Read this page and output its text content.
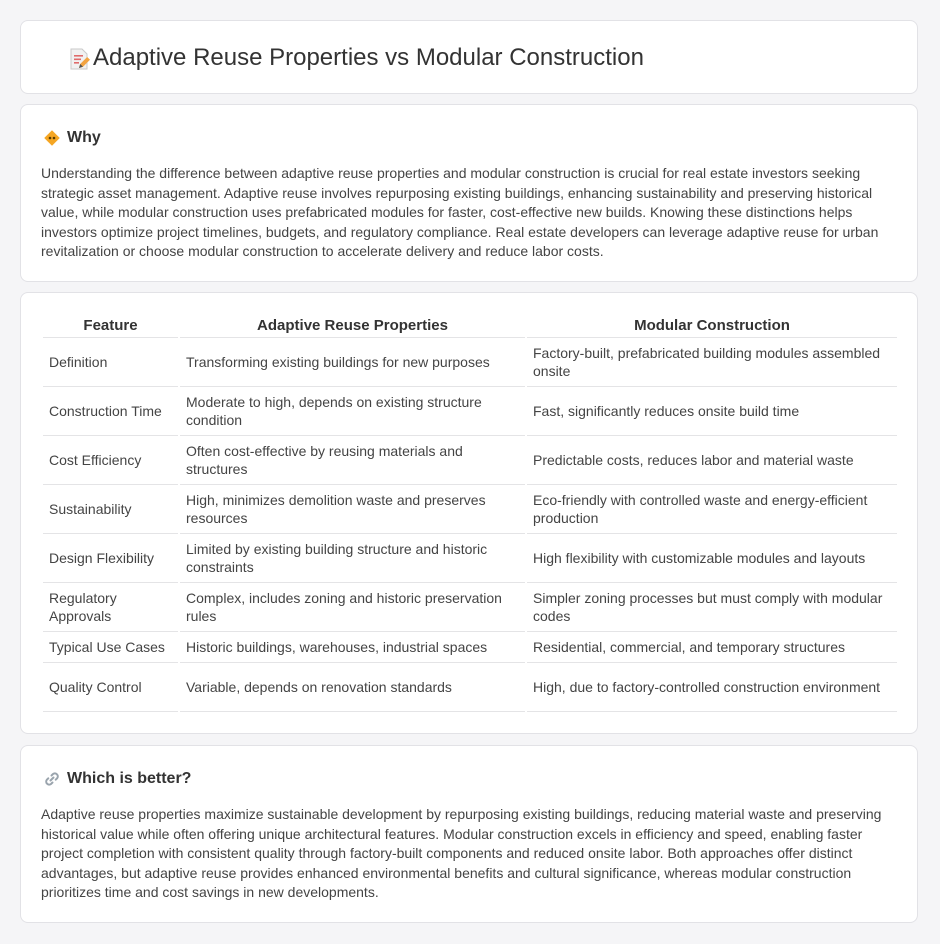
Adaptive Reuse Properties vs Modular Construction
Why

Understanding the difference between adaptive reuse properties and modular construction is crucial for real estate investors seeking strategic asset management. Adaptive reuse involves repurposing existing buildings, enhancing sustainability and preserving historical value, while modular construction uses prefabricated modules for faster, cost-effective new builds. Knowing these distinctions helps investors optimize project timelines, budgets, and regulatory compliance. Real estate developers can leverage adaptive reuse for urban revitalization or choose modular construction to accelerate delivery and reduce labor costs.

Feature	Adaptive Reuse Properties	Modular Construction
Definition	Transforming existing buildings for new purposes	Factory-built, prefabricated building modules assembled onsite
Construction Time	Moderate to high, depends on existing structure condition	Fast, significantly reduces onsite build time
Cost Efficiency	Often cost-effective by reusing materials and structures	Predictable costs, reduces labor and material waste
Sustainability	High, minimizes demolition waste and preserves resources	Eco-friendly with controlled waste and energy-efficient production
Design Flexibility	Limited by existing building structure and historic constraints	High flexibility with customizable modules and layouts
Regulatory Approvals	Complex, includes zoning and historic preservation rules	Simpler zoning processes but must comply with modular codes
Typical Use Cases	Historic buildings, warehouses, industrial spaces	Residential, commercial, and temporary structures
Quality Control	Variable, depends on renovation standards	High, due to factory-controlled construction environment
Which is better?

Adaptive reuse properties maximize sustainable development by repurposing existing buildings, reducing material waste and preserving historical value while often offering unique architectural features. Modular construction excels in efficiency and speed, enabling faster project completion with consistent quality through factory-built components and reduced onsite labor. Both approaches offer distinct advantages, but adaptive reuse provides enhanced environmental benefits and cultural significance, whereas modular construction prioritizes time and cost savings in new developments.
